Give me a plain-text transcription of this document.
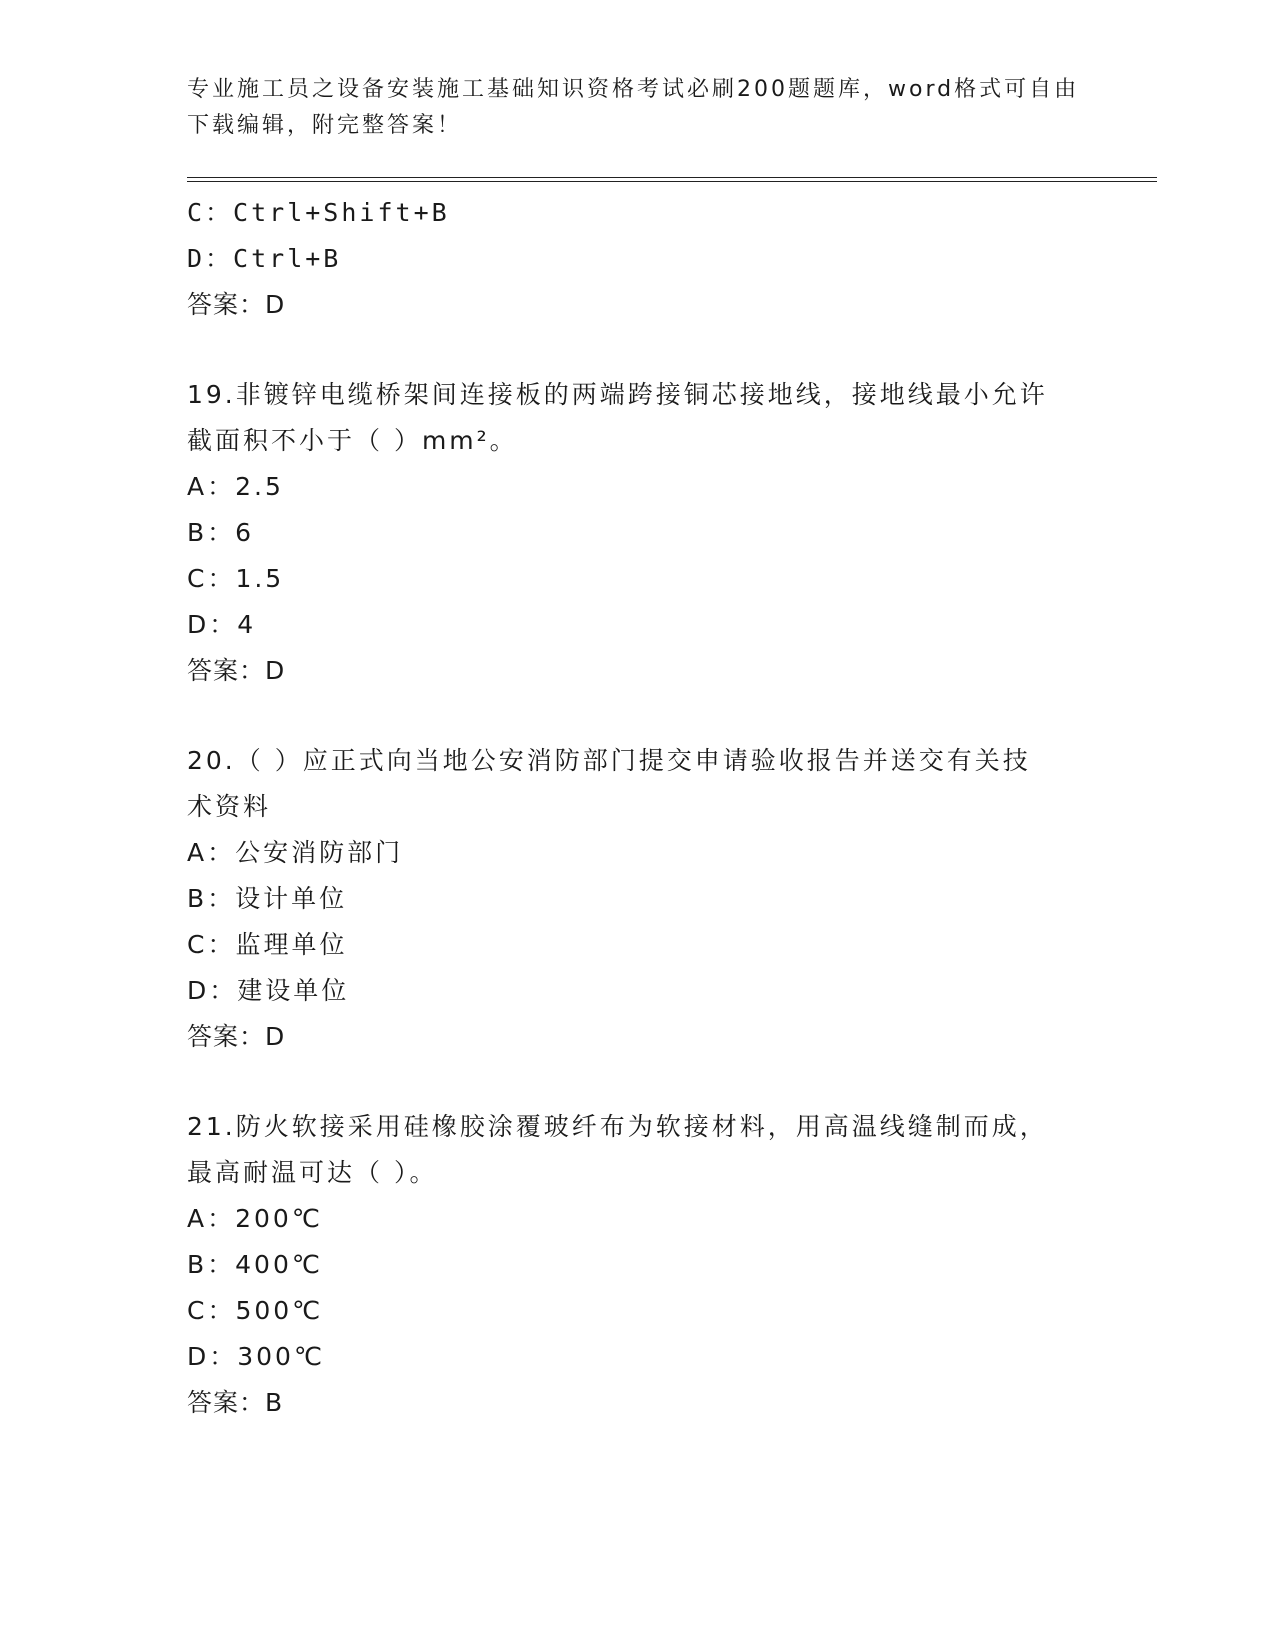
专业施工员之设备安装施工基础知识资格考试必刷200题题库，word格式可自由
下载编辑，附完整答案！
C：Ctrl+Shift+B
D：Ctrl+B
答案：D
19.非镀锌电缆桥架间连接板的两端跨接铜芯接地线，接地线最小允许
截面积不小于（ ）mm²。
A：2.5
B：6
C：1.5
D：4
答案：D
20.（ ）应正式向当地公安消防部门提交申请验收报告并送交有关技
术资料
A：公安消防部门
B：设计单位
C：监理单位
D：建设单位
答案：D
21.防火软接采用硅橡胶涂覆玻纤布为软接材料，用高温线缝制而成，
最高耐温可达（ ）。
A：200℃
B：400℃
C：500℃
D：300℃
答案：B
